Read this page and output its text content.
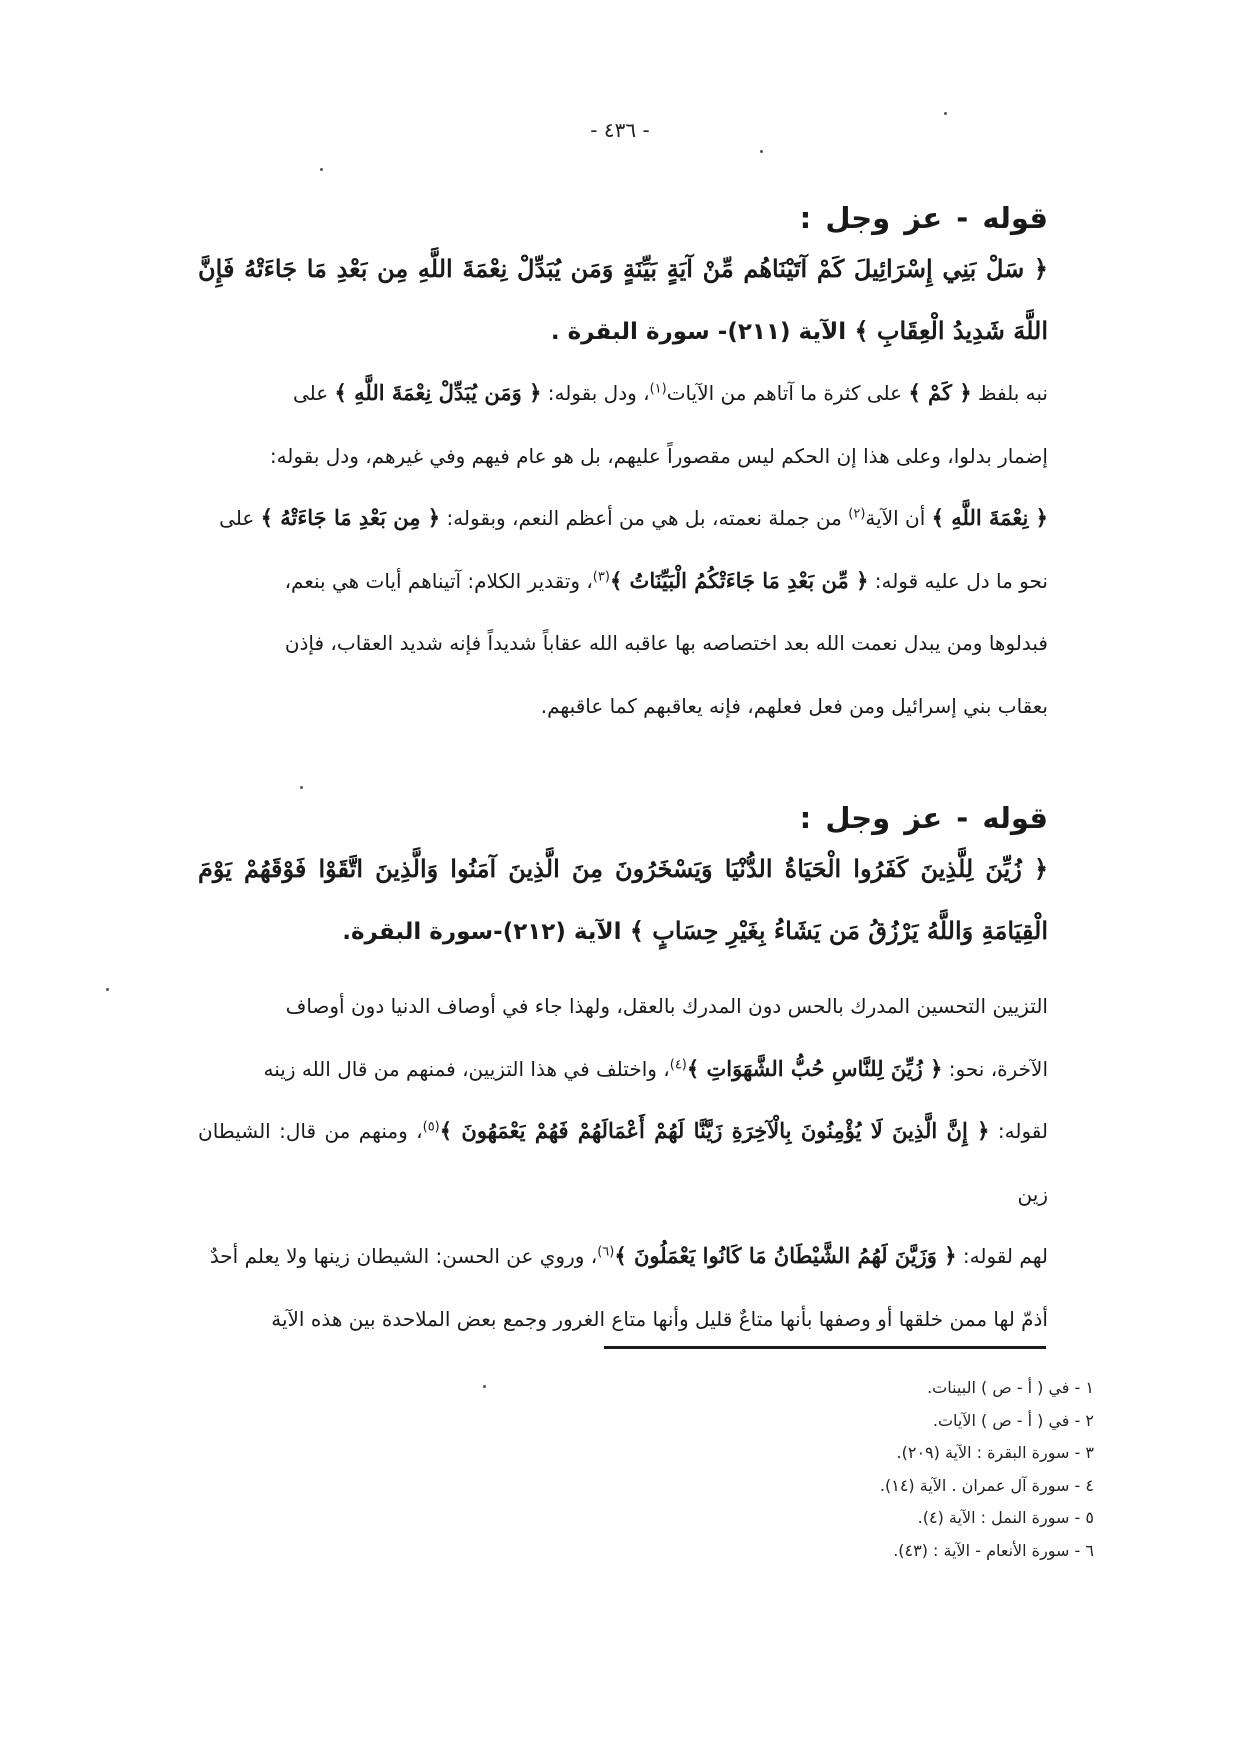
- ٤٣٦ -

قوله - عز وجل :

﴿ سَلْ بَنِي إِسْرَائِيلَ كَمْ آتَيْنَاهُم مِّنْ آيَةٍ بَيِّنَةٍ وَمَن يُبَدِّلْ نِعْمَةَ اللَّهِ مِن بَعْدِ مَا جَاءَتْهُ فَإِنَّ اللَّهَ شَدِيدُ الْعِقَابِ ﴾ الآية (٢١١)- سورة البقرة .

نبه بلفظ ﴿ كَمْ ﴾ على كثرة ما آتاهم من الآيات$^{(١)}$، ودل بقوله: ﴿ وَمَن يُبَدِّلْ نِعْمَةَ اللَّهِ ﴾ على

إضمار بدلوا، وعلى هذا إن الحكم ليس مقصوراً عليهم، بل هو عام فيهم وفي غيرهم، ودل بقوله:

﴿ نِعْمَةَ اللَّهِ ﴾ أن الآية$^{(٢)}$ من جملة نعمته، بل هي من أعظم النعم، وبقوله: ﴿ مِن بَعْدِ مَا جَاءَتْهُ ﴾ على

نحو ما دل عليه قوله: ﴿ مِّن بَعْدِ مَا جَاءَتْكُمُ الْبَيِّنَاتُ ﴾$^{(٣)}$، وتقدير الكلام: آتيناهم أيات هي بنعم،

فبدلوها ومن يبدل نعمت الله بعد اختصاصه بها عاقبه الله عقاباً شديداً فإنه شديد العقاب، فإذن

بعقاب بني إسرائيل ومن فعل فعلهم، فإنه يعاقبهم كما عاقبهم.

قوله - عز وجل :

﴿ زُيِّنَ لِلَّذِينَ كَفَرُوا الْحَيَاةُ الدُّنْيَا وَيَسْخَرُونَ مِنَ الَّذِينَ آمَنُوا وَالَّذِينَ اتَّقَوْا فَوْقَهُمْ يَوْمَ الْقِيَامَةِ وَاللَّهُ يَرْزُقُ مَن يَشَاءُ بِغَيْرِ حِسَابٍ ﴾ الآية (٢١٢)-سورة البقرة.

التزيين التحسين المدرك بالحس دون المدرك بالعقل، ولهذا جاء في أوصاف الدنيا دون أوصاف

الآخرة، نحو: ﴿ زُيِّنَ لِلنَّاسِ حُبُّ الشَّهَوَاتِ ﴾$^{(٤)}$، واختلف في هذا التزيين، فمنهم من قال الله زينه

لقوله: ﴿ إِنَّ الَّذِينَ لَا يُؤْمِنُونَ بِالْآخِرَةِ زَيَّنَّا لَهُمْ أَعْمَالَهُمْ فَهُمْ يَعْمَهُونَ ﴾$^{(٥)}$، ومنهم من قال: الشيطان زين

لهم لقوله: ﴿ وَزَيَّنَ لَهُمُ الشَّيْطَانُ مَا كَانُوا يَعْمَلُونَ ﴾$^{(٦)}$، وروي عن الحسن: الشيطان زينها ولا يعلم أحدٌ

أذمّ لها ممن خلقها أو وصفها بأنها متاعٌ قليل وأنها متاع الغرور وجمع بعض الملاحدة بين هذه الآية

١ - في ( أ - ص ) البينات.
٢ - في ( أ - ص ) الآيات.
٣ - سورة البقرة : الآية (٢٠٩).
٤ - سورة آل عمران . الآية (١٤).
٥ - سورة النمل : الآية (٤).
٦ - سورة الأنعام - الآية : (٤٣).
